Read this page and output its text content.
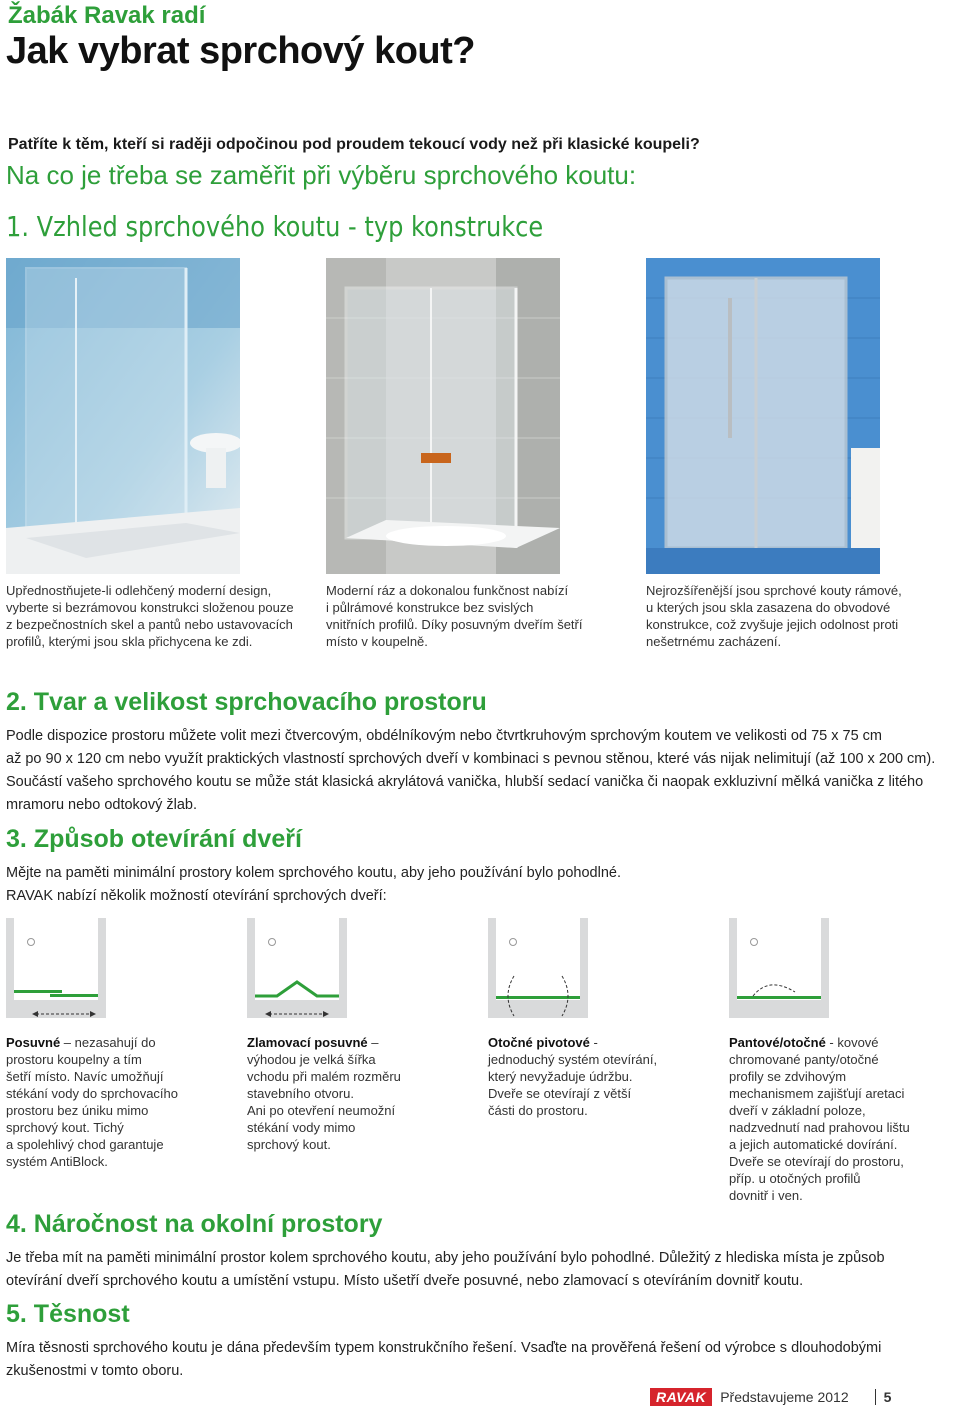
Žabák Ravak radí
Jak vybrat sprchový kout?
Patříte k těm, kteří si raději odpočinou pod proudem tekoucí vody než při klasické koupeli?
Na co je třeba se zaměřit při výběru sprchového koutu:
1. Vzhled sprchového koutu - typ konstrukce
Upřednostňujete-li odlehčený moderní design,
vyberte si bezrámovou konstrukci složenou pouze
z bezpečnostních skel a pantů nebo ustavovacích
profilů, kterými jsou skla přichycena ke zdi.
Moderní ráz a dokonalou funkčnost nabízí
i půlrámové konstrukce bez svislých
vnitřních profilů. Díky posuvným dveřím šetří
místo v koupelně.
Nejrozšířenější jsou sprchové kouty rámové,
u kterých jsou skla zasazena do obvodové
konstrukce, což zvyšuje jejich odolnost proti
nešetrnému zacházení.
2. Tvar a velikost sprchovacího prostoru
Podle dispozice prostoru můžete volit mezi čtvercovým, obdélníkovým nebo čtvrtkruhovým sprchovým koutem ve velikosti od 75 x 75 cm
až po 90 x 120 cm nebo využít praktických vlastností sprchových dveří v kombinaci s pevnou stěnou, které vás nijak nelimitují (až 100 x 200 cm).
Součástí vašeho sprchového koutu se může stát klasická akrylátová vanička, hlubší sedací vanička či naopak exkluzivní mělká vanička z litého
mramoru nebo odtokový žlab.
3. Způsob otevírání dveří
Mějte na paměti minimální prostory kolem sprchového koutu, aby jeho používání bylo pohodlné.
RAVAK nabízí několik možností otevírání sprchových dveří:
Posuvné – nezasahují do
prostoru koupelny a tím
šetří místo. Navíc umožňují
stékání vody do sprchovacího
prostoru bez úniku mimo
sprchový kout. Tichý
a spolehlivý chod garantuje
systém AntiBlock.
Zlamovací posuvné –
výhodou je velká šířka
vchodu při malém rozměru
stavebního otvoru.
Ani po otevření neumožní
stékání vody mimo
sprchový kout.
Otočné pivotové -
jednoduchý systém otevírání,
který nevyžaduje údržbu.
Dveře se otevírají z větší
části do prostoru.
Pantové/otočné - kovové
chromované panty/otočné
profily se zdvihovým
mechanismem zajišťují aretaci
dveří v základní poloze,
nadzvednutí nad prahovou lištu
a jejich automatické dovírání.
Dveře se otevírají do prostoru,
příp. u otočných profilů
dovnitř i ven.
4. Náročnost na okolní prostory
Je třeba mít na paměti minimální prostor kolem sprchového koutu, aby jeho používání bylo pohodlné. Důležitý z hlediska místa je způsob
otevírání dveří sprchového koutu a umístění vstupu. Místo ušetří dveře posuvné, nebo zlamovací s otevíráním dovnitř koutu.
5. Těsnost
Míra těsnosti sprchového koutu je dána především typem konstrukčního řešení. Vsaďte na prověřená řešení od výrobce s dlouhodobými
zkušenostmi v tomto oboru.
RAVAK	Představujeme 2012	5
